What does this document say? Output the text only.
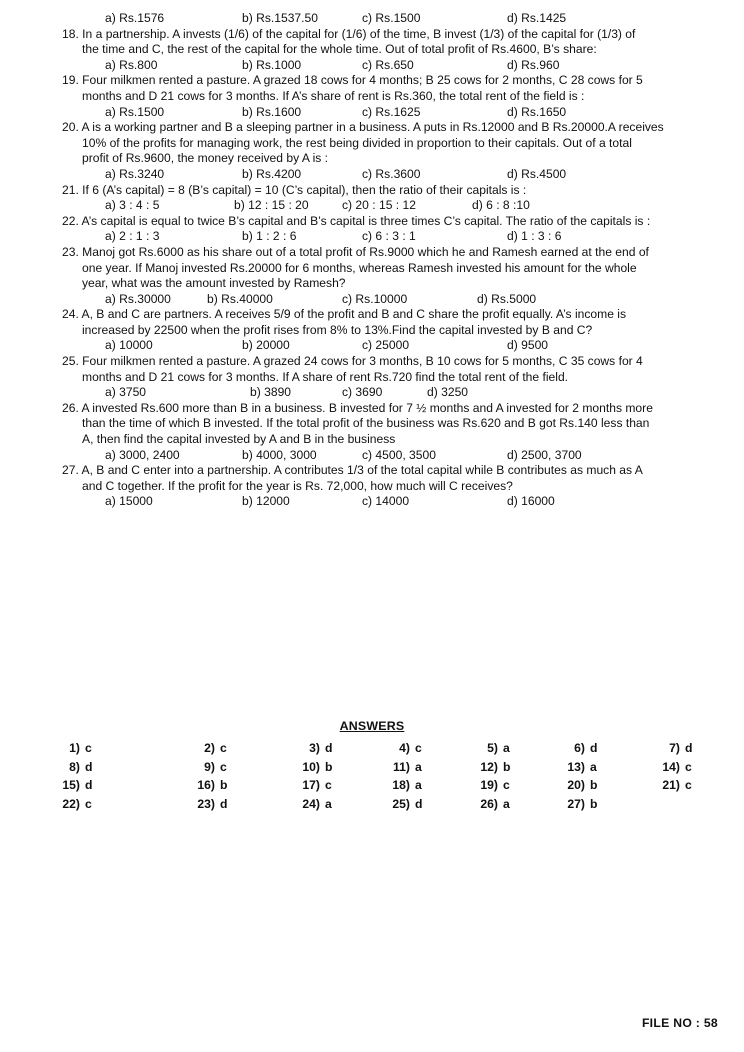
a) Rs.1576	b) Rs.1537.50	c) Rs.1500	d) Rs.1425
18. In a partnership. A invests (1/6) of the capital for (1/6) of the time, B invest (1/3) of the capital for (1/3) of
the time and C, the rest of the capital for the whole time. Out of total profit of Rs.4600, B’s share:
a) Rs.800	b) Rs.1000	c) Rs.650	d) Rs.960
19. Four milkmen rented a pasture. A grazed 18 cows for 4 months; B 25 cows for 2 months, C 28 cows for 5
months and D 21 cows for 3 months. If A’s share of rent is Rs.360, the total rent of the field is :
a) Rs.1500	b) Rs.1600	c) Rs.1625	d) Rs.1650
20. A is a working partner and B a sleeping partner in a business. A puts in Rs.12000 and B Rs.20000.A receives
10% of the profits for managing work, the rest being divided in proportion to their capitals. Out of a total
profit of Rs.9600, the money received by A is :
a) Rs.3240	b) Rs.4200	c) Rs.3600	d) Rs.4500
21. If 6 (A’s capital) = 8 (B’s capital) = 10 (C’s capital), then the ratio of their capitals is :
a) 3 : 4 : 5	b) 12 : 15 : 20	c) 20 : 15 : 12	d) 6 : 8 :10
22. A’s capital is equal to twice B’s capital and B’s capital is three times C’s capital. The ratio of the capitals is :
a) 2 : 1 : 3	b) 1 : 2 : 6	c) 6 : 3 : 1	d) 1 : 3 : 6
23. Manoj got Rs.6000 as his share out of a total profit of Rs.9000 which he and Ramesh earned at the end of
one year. If Manoj invested Rs.20000 for 6 months, whereas Ramesh invested his amount for the whole
year, what was the amount invested by Ramesh?
a) Rs.30000	b) Rs.40000	c) Rs.10000	d) Rs.5000
24. A, B and C are partners. A receives 5/9 of the profit and B and C share the profit equally. A’s income is
increased by 22500 when the profit rises from 8% to 13%.Find the capital invested by B and C?
a) 10000	b) 20000	c) 25000	d) 9500
25. Four milkmen rented a pasture. A grazed 24 cows for 3 months, B 10 cows for 5 months, C 35 cows for 4
months and D 21 cows for 3 months. If A share of rent Rs.720 find the total rent of the field.
a) 3750	b) 3890	c) 3690	d) 3250
26. A invested Rs.600 more than B in a business. B invested for 7 ½ months and A invested for 2 months more
than the time of which B invested. If the total profit of the business was Rs.620 and B got Rs.140 less than
A, then find the capital invested by A and B in the business
a) 3000, 2400	b) 4000, 3000	c) 4500, 3500	d) 2500, 3700
27. A, B and C enter into a partnership. A contributes 1/3 of the total capital while B contributes as much as A
and C together. If the profit for the year is Rs. 72,000, how much will C receives?
a) 15000	b) 12000	c) 14000	d) 16000
ANSWERS
1) c	2) c	3) d	4) c	5) a	6) d	7) d
8) d	9) c	10) b	11) a	12) b	13) a	14) c
15) d	16) b	17) c	18) a	19) c	20) b	21) c
22) c	23) d	24) a	25) d	26) a	27) b
FILE NO : 58
